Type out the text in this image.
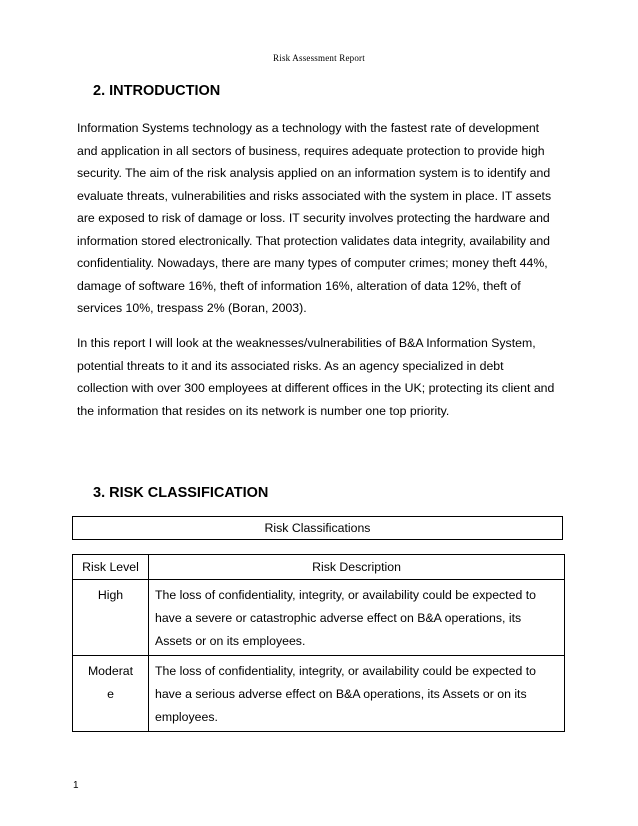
Risk Assessment Report
2. INTRODUCTION
Information Systems technology as a technology with the fastest rate of development
and application in all sectors of business, requires adequate protection to provide high
security. The aim of the risk analysis applied on an information system is to identify and
evaluate threats, vulnerabilities and risks associated with the system in place. IT assets
are exposed to risk of damage or loss. IT security involves protecting the hardware and
information stored electronically. That protection validates data integrity, availability and
confidentiality. Nowadays, there are many types of computer crimes; money theft 44%,
damage of software 16%, theft of information 16%, alteration of data 12%, theft of
services 10%, trespass 2% (Boran, 2003).
In this report I will look at the weaknesses/vulnerabilities of B&A Information System,
potential threats to it and its associated risks. As an agency specialized in debt
collection with over 300 employees at different offices in the UK; protecting its client and
the information that resides on its network is number one top priority.
3. RISK CLASSIFICATION
Risk Classifications
Risk Level	Risk Description

High	The loss of confidentiality, integrity, or availability could be expected to
have a severe or catastrophic adverse effect on B&A operations, its
Assets or on its employees.

Moderat
e	The loss of confidentiality, integrity, or availability could be expected to
have a serious adverse effect on B&A operations, its Assets or on its
employees.
1
